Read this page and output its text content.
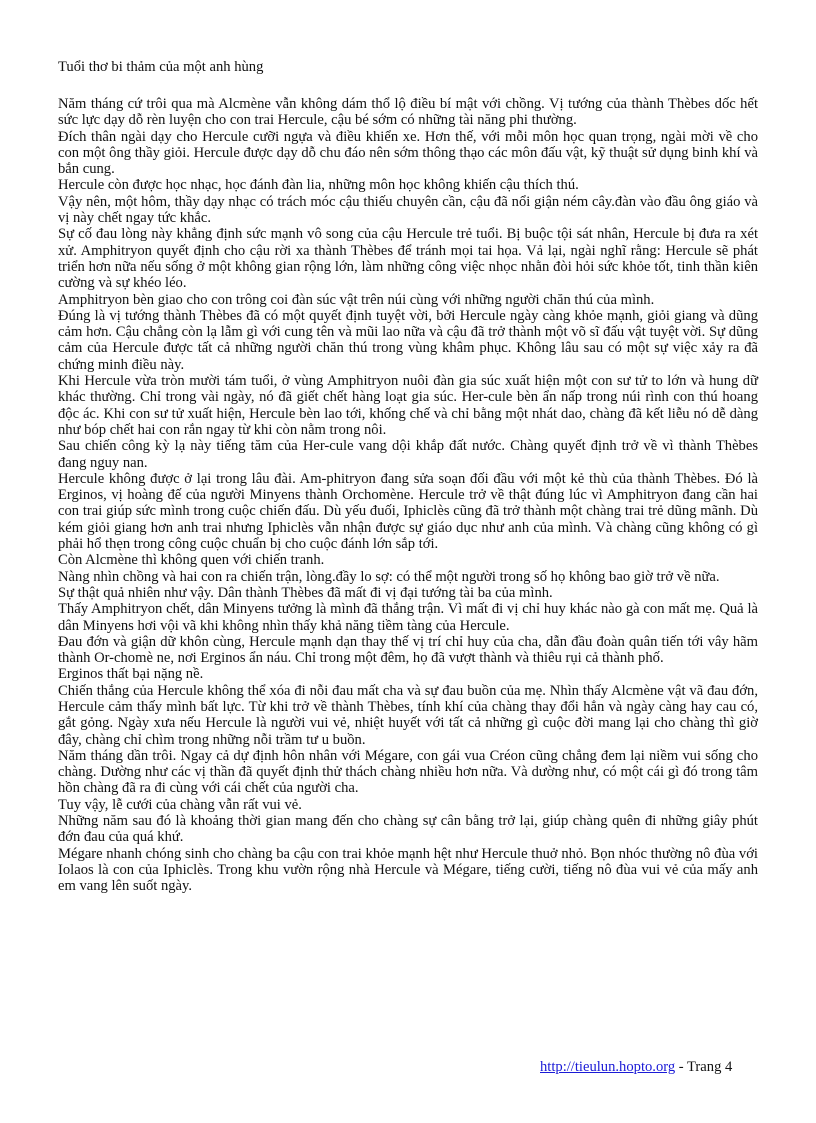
Tuổi thơ bi thảm của một anh hùng

Năm tháng cứ trôi qua mà Alcmène vẫn không dám thổ lộ điều bí mật với chồng. Vị tướng của thành Thèbes dốc hết sức lực dạy dỗ rèn luyện cho con trai Hercule, cậu bé sớm có những tài năng phi thường.

Đích thân ngài dạy cho Hercule cưỡi ngựa và điều khiển xe. Hơn thế, với mỗi môn học quan trọng, ngài mời về cho con một ông thầy giỏi. Hercule được dạy dỗ chu đáo nên sớm thông thạo các môn đấu vật, kỹ thuật sử dụng binh khí và bắn cung.

Hercule còn được học nhạc, học đánh đàn lia, những môn học không khiến cậu thích thú.

Vậy nên, một hôm, thầy dạy nhạc có trách móc cậu thiếu chuyên cần, cậu đã nổi giận ném cây.đàn vào đầu ông giáo và vị này chết ngay tức khắc.

Sự cố đau lòng này khẳng định sức mạnh vô song của cậu Hercule trẻ tuổi. Bị buộc tội sát nhân, Hercule bị đưa ra xét xử. Amphitryon quyết định cho cậu rời xa thành Thèbes để tránh mọi tai họa. Vả lại, ngài nghĩ rằng: Hercule sẽ phát triển hơn nữa nếu sống ở một không gian rộng lớn, làm những công việc nhọc nhằn đòi hỏi sức khỏe tốt, tinh thần kiên cường và sự khéo léo.

Amphitryon bèn giao cho con trông coi đàn súc vật trên núi cùng với những người chăn thú của mình.

Đúng là vị tướng thành Thèbes đã có một quyết định tuyệt vời, bởi Hercule ngày càng khỏe mạnh, giỏi giang và dũng cảm hơn. Cậu chẳng còn lạ lẫm gì với cung tên và mũi lao nữa và cậu đã trở thành một võ sĩ đấu vật tuyệt vời. Sự dũng cảm của Hercule được tất cả những người chăn thú trong vùng khâm phục. Không lâu sau có một sự việc xảy ra đã chứng minh điều này.

Khi Hercule vừa tròn mười tám tuổi, ở vùng Amphitryon nuôi đàn gia súc xuất hiện một con sư tử to lớn và hung dữ khác thường. Chỉ trong vài ngày, nó đã giết chết hàng loạt gia súc. Her-cule bèn ẩn nấp trong núi rình con thú hoang độc ác. Khi con sư tử xuất hiện, Hercule bèn lao tới, khống chế và chỉ bằng một nhát dao, chàng đã kết liễu nó dễ dàng như bóp chết hai con rắn ngay từ khi còn nằm trong nôi.

Sau chiến công kỳ lạ này tiếng tăm của Her-cule vang dội khắp đất nước. Chàng quyết định trở về vì thành Thèbes đang nguy nan.

Hercule không được ở lại trong lâu đài. Am-phitryon đang sửa soạn đối đầu với một kẻ thù của thành Thèbes. Đó là Erginos, vị hoàng đế của người Minyens thành Orchomène. Hercule trở về thật đúng lúc vì Amphitryon đang cần hai con trai giúp sức mình trong cuộc chiến đấu. Dù yếu đuối, Iphiclès cũng đã trở thành một chàng trai trẻ dũng mãnh. Dù kém giỏi giang hơn anh trai nhưng Iphiclès vẫn nhận được sự giáo dục như anh của mình. Và chàng cũng không có gì phải hổ thẹn trong công cuộc chuẩn bị cho cuộc đánh lớn sắp tới.

Còn Alcmène thì không quen với chiến tranh.

Nàng nhìn chồng và hai con ra chiến trận, lòng.đầy lo sợ: có thể một người trong số họ không bao giờ trở về nữa.

Sự thật quả nhiên như vậy. Dân thành Thèbes đã mất đi vị đại tướng tài ba của mình.

Thấy Amphitryon chết, dân Minyens tưởng là mình đã thắng trận. Vì mất đi vị chỉ huy khác nào gà con mất mẹ. Quả là dân Minyens hơi vội vã khi không nhìn thấy khả năng tiềm tàng của Hercule.

Đau đớn và giận dữ khôn cùng, Hercule mạnh dạn thay thế vị trí chỉ huy của cha, dẫn đầu đoàn quân tiến tới vây hãm thành Or-chomè ne, nơi Erginos ẩn náu. Chỉ trong một đêm, họ đã vượt thành và thiêu rụi cả thành phố.

Erginos thất bại nặng nề.

Chiến thắng của Hercule không thể xóa đi nỗi đau mất cha và sự đau buồn của mẹ. Nhìn thấy Alcmène vật vã đau đớn, Hercule cảm thấy mình bất lực. Từ khi trở về thành Thèbes, tính khí của chàng thay đổi hẳn và ngày càng hay cau có, gắt gỏng. Ngày xưa nếu Hercule là người vui vẻ, nhiệt huyết với tất cả những gì cuộc đời mang lại cho chàng thì giờ đây, chàng chỉ chìm trong những nỗi trầm tư u buồn.

Năm tháng dần trôi. Ngay cả dự định hôn nhân với Mégare, con gái vua Créon cũng chẳng đem lại niềm vui sống cho chàng. Dường như các vị thần đã quyết định thử thách chàng nhiều hơn nữa. Và dường như, có một cái gì đó trong tâm hồn chàng đã ra đi cùng với cái chết của người cha.

Tuy vậy, lễ cưới của chàng vẫn rất vui vẻ.

Những năm sau đó là khoảng thời gian mang đến cho chàng sự cân bằng trở lại, giúp chàng quên đi những giây phút đớn đau của quá khứ.

Mégare nhanh chóng sinh cho chàng ba cậu con trai khỏe mạnh hệt như Hercule thuở nhỏ. Bọn nhóc thường nô đùa với Iolaos là con của Iphiclès. Trong khu vườn rộng nhà Hercule và Mégare, tiếng cười, tiếng nô đùa vui vẻ của mấy anh em vang lên suốt ngày.

http://tieulun.hopto.org - Trang 4
